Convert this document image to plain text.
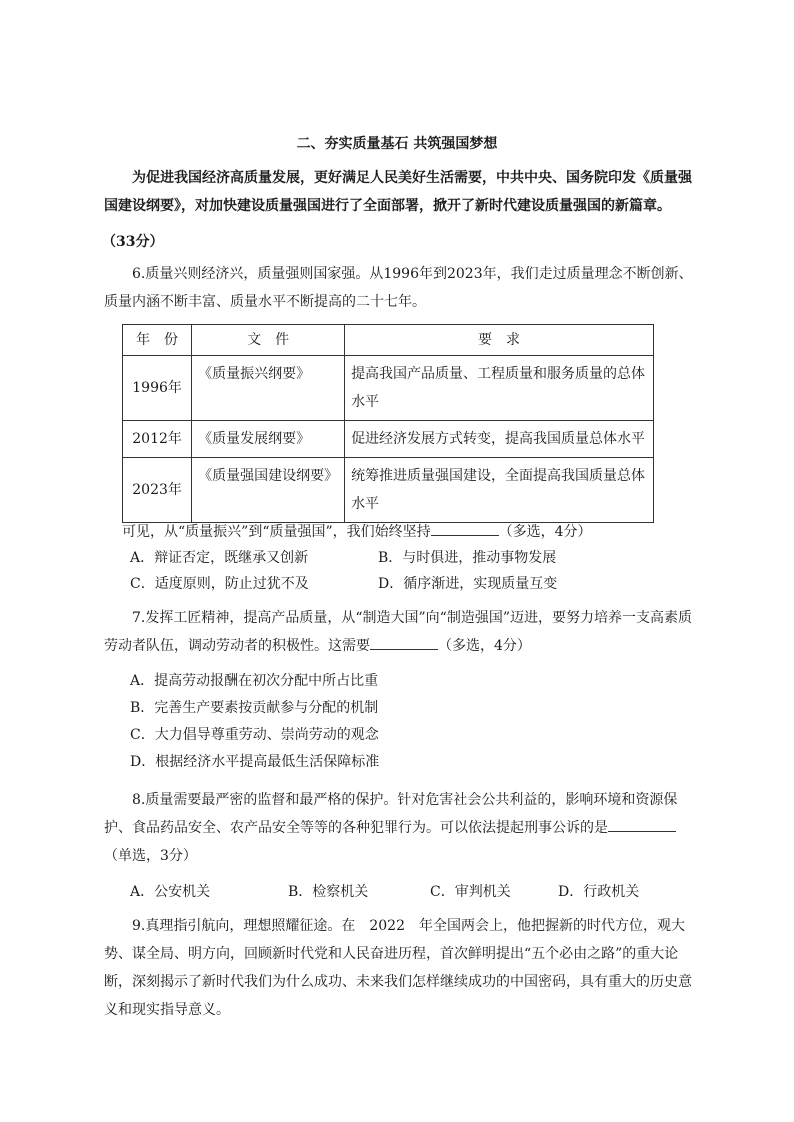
二、夯实质量基石 共筑强国梦想

为促进我国经济高质量发展，更好满足人民美好生活需要，中共中央、国务院印发《质量强国建设纲要》，对加快建设质量强国进行了全面部署，掀开了新时代建设质量强国的新篇章。

（33分）

6.质量兴则经济兴，质量强则国家强。从1996年到2023年，我们走过质量理念不断创新、质量内涵不断丰富、质量水平不断提高的二十七年。

年　份	文　件	要　求
1996年	《质量振兴纲要》	提高我国产品质量、工程质量和服务质量的总体水平
2012年	《质量发展纲要》	促进经济发展方式转变，提高我国质量总体水平
2023年	《质量强国建设纲要》	统筹推进质量强国建设，全面提高我国质量总体水平

可见，从“质量振兴”到“质量强国”，我们始终坚持	（多选，4分）

A．辩证否定，既继承又创新	B．与时俱进，推动事物发展
C．适度原则，防止过犹不及	D．循序渐进，实现质量互变

7.发挥工匠精神，提高产品质量，从“制造大国”向“制造强国”迈进，要努力培养一支高素质劳动者队伍，调动劳动者的积极性。这需要	（多选，4分）

A．提高劳动报酬在初次分配中所占比重
B．完善生产要素按贡献参与分配的机制
C．大力倡导尊重劳动、崇尚劳动的观念
D．根据经济水平提高最低生活保障标准

8.质量需要最严密的监督和最严格的保护。针对危害社会公共利益的，影响环境和资源保护、食品药品安全、农产品安全等等的各种犯罪行为。可以依法提起刑事公诉的是（单选，3分）

A．公安机关	B．检察机关	C．审判机关	D．行政机关

9.真理指引航向，理想照耀征途。在　2022　年全国两会上，他把握新的时代方位，观大势、谋全局、明方向，回顾新时代党和人民奋进历程，首次鲜明提出“五个必由之路”的重大论断，深刻揭示了新时代我们为什么成功、未来我们怎样继续成功的中国密码，具有重大的历史意义和现实指导意义。
